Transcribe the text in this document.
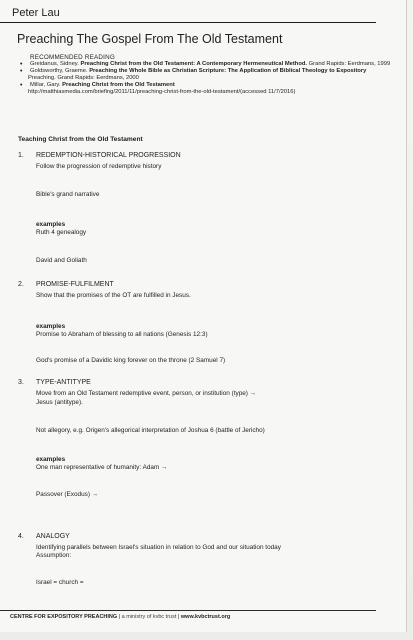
Peter Lau
Preaching The Gospel From The Old Testament
RECOMMENDED READING
• Greidanus, Sidney. Preaching Christ from the Old Testament: A Contemporary Hermeneutical Method. Grand Rapids: Eerdmans, 1999
• Goldsworthy, Graeme. Preaching the Whole Bible as Christian Scripture: The Application of Biblical Theology to Expository
Preaching. Grand Rapids: Eerdmans, 2000
• Millar, Gary. Preaching Christ from the Old Testament
http://matthiasmedia.com/briefing/2011/11/preaching-christ-from-the-old-testament/(accessed 11/7/2016)
Teaching Christ from the Old Testament
1.	REDEMPTION-HISTORICAL PROGRESSION
Follow the progression of redemptive history
Bible's grand narrative
examples
Ruth 4 genealogy
David and Goliath
2.	PROMISE-FULFILMENT
Show that the promises of the OT are fulfilled in Jesus.
examples
Promise to Abraham of blessing to all nations (Genesis 12:3)
God's promise of a Davidic king forever on the throne (2 Samuel 7)
3.	TYPE-ANTITYPE
Move from an Old Testament redemptive event, person, or institution (type) →
Jesus (antitype).
Not allegory, e.g. Origen's allegorical interpretation of Joshua 6 (battle of Jericho)
examples
One man representative of humanity: Adam →
Passover (Exodus) →
4.	ANALOGY
Identifying parallels between Israel's situation in relation to God and our situation today
Assumption:
Israel = church =
CENTRE FOR EXPOSITORY PREACHING | a ministry of kvbc trust | www.kvbctrust.org
